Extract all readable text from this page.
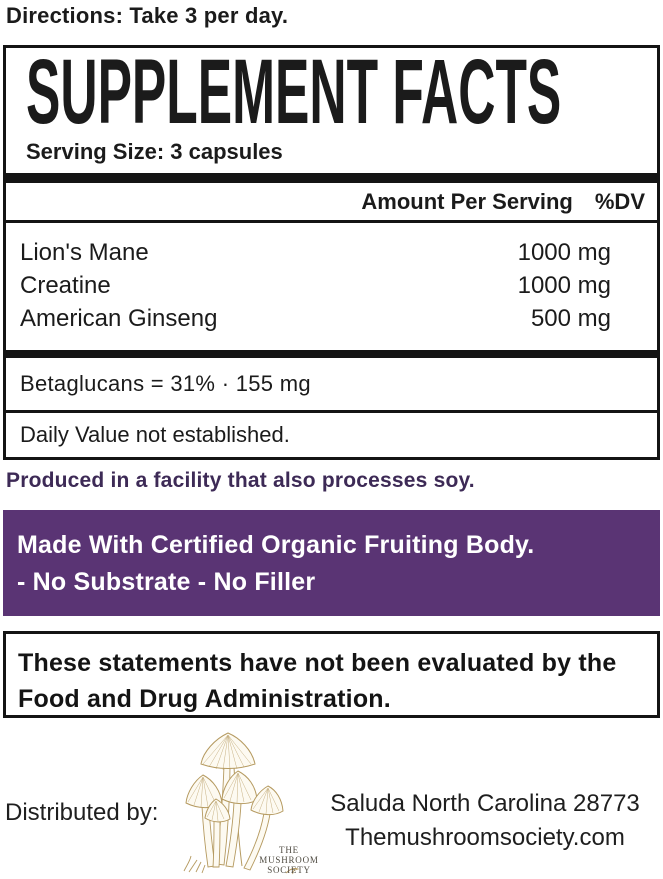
Directions: Take 3 per day.
SUPPLEMENT FACTS
Serving Size: 3 capsules
Amount Per Serving %DV
Lion's Mane	1000 mg
Creatine	1000 mg
American Ginseng	500 mg
Betaglucans = 31% · 155 mg
Daily Value not established.
Produced in a facility that also processes soy.
Made With Certified Organic Fruiting Body.
- No Substrate - No Filler
These statements have not been evaluated by the Food and Drug Administration.
Distributed by:
THE
MUSHROOM
SOCIETY
Saluda North Carolina 28773
Themushroomsociety.com
